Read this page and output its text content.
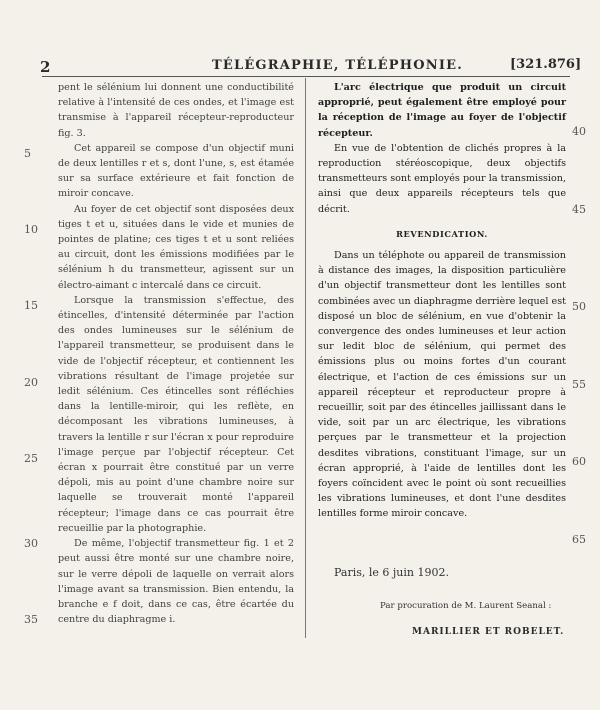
2	TÉLÉGRAPHIE, TÉLÉPHONIE.	[321.876]

pent le sélénium lui donnent une conductibilité relative à l'intensité de ces ondes, et l'image est transmise à l'appareil récepteur-reproducteur fig. 3.

Cet appareil se compose d'un objectif muni de deux lentilles r et s, dont l'une, s, est étamée sur sa surface extérieure et fait fonction de miroir concave.

Au foyer de cet objectif sont disposées deux tiges t et u, situées dans le vide et munies de pointes de platine; ces tiges t et u sont reliées au circuit, dont les émissions modifiées par le sélénium h du transmetteur, agissent sur un électro-aimant c intercalé dans ce circuit.

Lorsque la transmission s'effectue, des étincelles, d'intensité déterminée par l'action des ondes lumineuses sur le sélénium de l'appareil transmetteur, se produisent dans le vide de l'objectif récepteur, et contiennent les vibrations résultant de l'image projetée sur ledit sélénium. Ces étincelles sont réfléchies dans la lentille-miroir, qui les reflète, en décomposant les vibrations lumineuses, à travers la lentille r sur l'écran x pour reproduire l'image perçue par l'objectif récepteur. Cet écran x pourrait être constitué par un verre dépoli, mis au point d'une chambre noire sur laquelle se trouverait monté l'appareil récepteur; l'image dans ce cas pourrait être recueillie par la photographie.

De même, l'objectif transmetteur fig. 1 et 2 peut aussi être monté sur une chambre noire, sur le verre dépoli de laquelle on verrait alors l'image avant sa transmission. Bien entendu, la branche e f doit, dans ce cas, être écartée du centre du diaphragme i.

L'arc électrique que produit un circuit approprié, peut également être employé pour la réception de l'image au foyer de l'objectif récepteur.

En vue de l'obtention de clichés propres à la reproduction stéréoscopique, deux objectifs transmetteurs sont employés pour la transmission, ainsi que deux appareils récepteurs tels que décrit.

REVENDICATION.

Dans un téléphote ou appareil de transmission à distance des images, la disposition particulière d'un objectif transmetteur dont les lentilles sont combinées avec un diaphragme derrière lequel est disposé un bloc de sélénium, en vue d'obtenir la convergence des ondes lumineuses et leur action sur ledit bloc de sélénium, qui permet des émissions plus ou moins fortes d'un courant électrique, et l'action de ces émissions sur un appareil récepteur et reproducteur propre à recueillir, soit par des étincelles jaillissant dans le vide, soit par un arc électrique, les vibrations perçues par le transmetteur et la projection desdites vibrations, constituant l'image, sur un écran approprié, à l'aide de lentilles dont les foyers coïncident avec le point où sont recueillies les vibrations lumineuses, et dont l'une desdites lentilles forme miroir concave.

5
10
15
20
25
30
35
40
45
50
55
60
65
Paris, le 6 juin 1902.
Par procuration de M. Laurent Seanal :
MARILLIER ET ROBELET.
